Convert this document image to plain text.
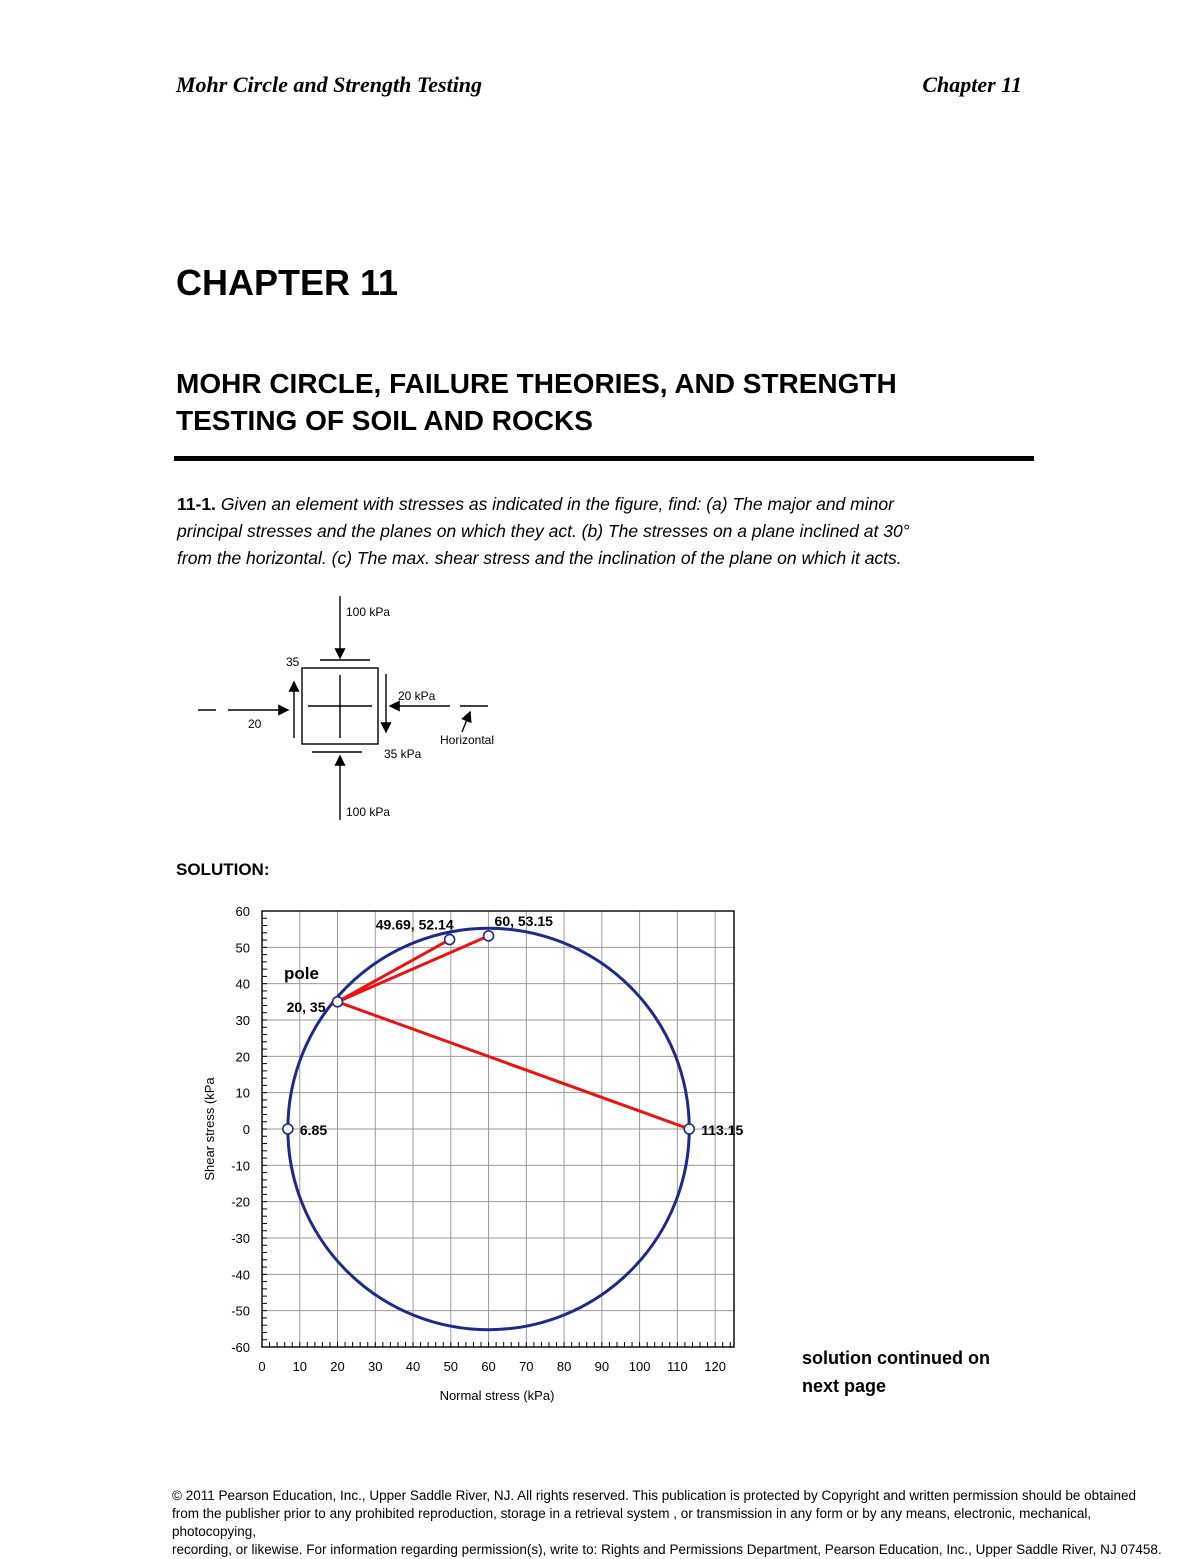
Mohr Circle and Strength Testing	Chapter 11
CHAPTER 11
MOHR CIRCLE, FAILURE THEORIES, AND STRENGTH
TESTING OF SOIL AND ROCKS
11-1. Given an element with stresses as indicated in the figure, find: (a) The major and minor
principal stresses and the planes on which they act. (b) The stresses on a plane inclined at 30°
from the horizontal. (c) The max. shear stress and the inclination of the plane on which it acts.
100 kPa
100 kPa
20 kPa
20
35
35 kPa
Horizontal
SOLUTION:
0 10 20 30 40 50 60 70 80 90 100 110 120
60
50
40
30
20
10
0
-10
-20
-30
-40
-50
-60
6.85	113.15
20, 35
49.69, 52.14	60, 53.15
pole
Normal stress (kPa)
Shear stress (kPa
solution continued on
next page
© 2011 Pearson Education, Inc., Upper Saddle River, NJ. All rights reserved. This publication is protected by Copyright and written permission should be obtained
from the publisher prior to any prohibited reproduction, storage in a retrieval system , or transmission in any form or by any means, electronic, mechanical, photocopying,
recording, or likewise. For information regarding permission(s), write to: Rights and Permissions Department, Pearson Education, Inc., Upper Saddle River, NJ 07458.
